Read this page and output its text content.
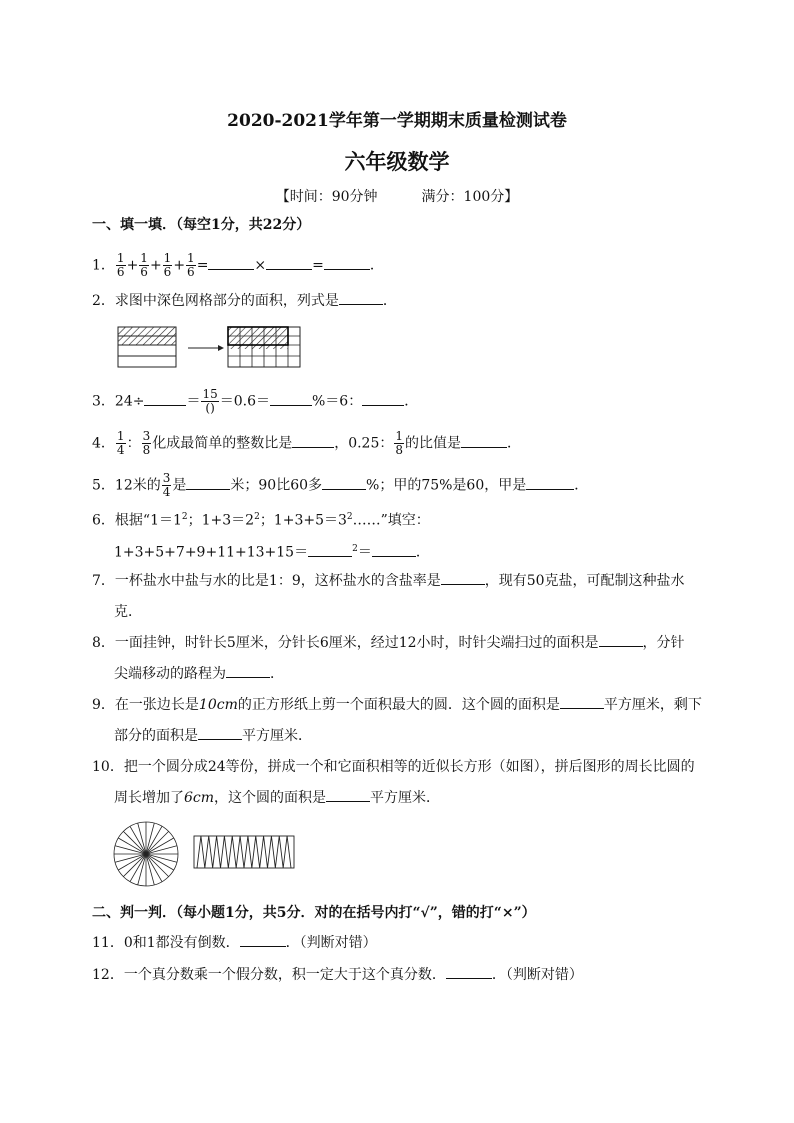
2020-2021学年第一学期期末质量检测试卷
六年级数学
【时间：90分钟	满分：100分】
一、填一填．（每空1分，共22分）
1． $\frac{1}{6} + \frac{1}{6} + \frac{1}{6} + \frac{1}{6}$ =	×	=	．
2．求图中深色网格部分的面积，列式是	．
3．24÷	＝ $\frac{15}{()} =0.6=$	%＝6：	．
4． $\frac{1}{4}$ ： $\frac{3}{8}$ 化成最简单的整数比是	，0.25： $\frac{1}{8}$ 的比值是	．
5．12米的 $\frac{3}{4}$ 是	米；90比60多	%；甲的75%是60，甲是	．
6．根据“$1=1^2$；$1+3=2^2$；$1+3+5=3^2\dots\dots$”填空：
1+3+5+7+9+11+13+15＝	$^2$＝	．
7．一杯盐水中盐与水的比是1：9，这杯盐水的含盐率是	，现有50克盐，可配制这种盐水
克．
8．一面挂钟，时针长5厘米，分针长6厘米，经过12小时，时针尖端扫过的面积是	，分针
尖端移动的路程为	．
9．在一张边长是10cm的正方形纸上剪一个面积最大的圆．这个圆的面积是	平方厘米，剩下
部分的面积是	平方厘米．
10．把一个圆分成24等份，拼成一个和它面积相等的近似长方形（如图），拼后图形的周长比圆的
周长增加了6cm，这个圆的面积是	平方厘米．
二、判一判．（每小题1分，共5分．对的在括号内打“√”，错的打“×”）
11．0和1都没有倒数．	．（判断对错）
12．一个真分数乘一个假分数，积一定大于这个真分数．	．（判断对错）
